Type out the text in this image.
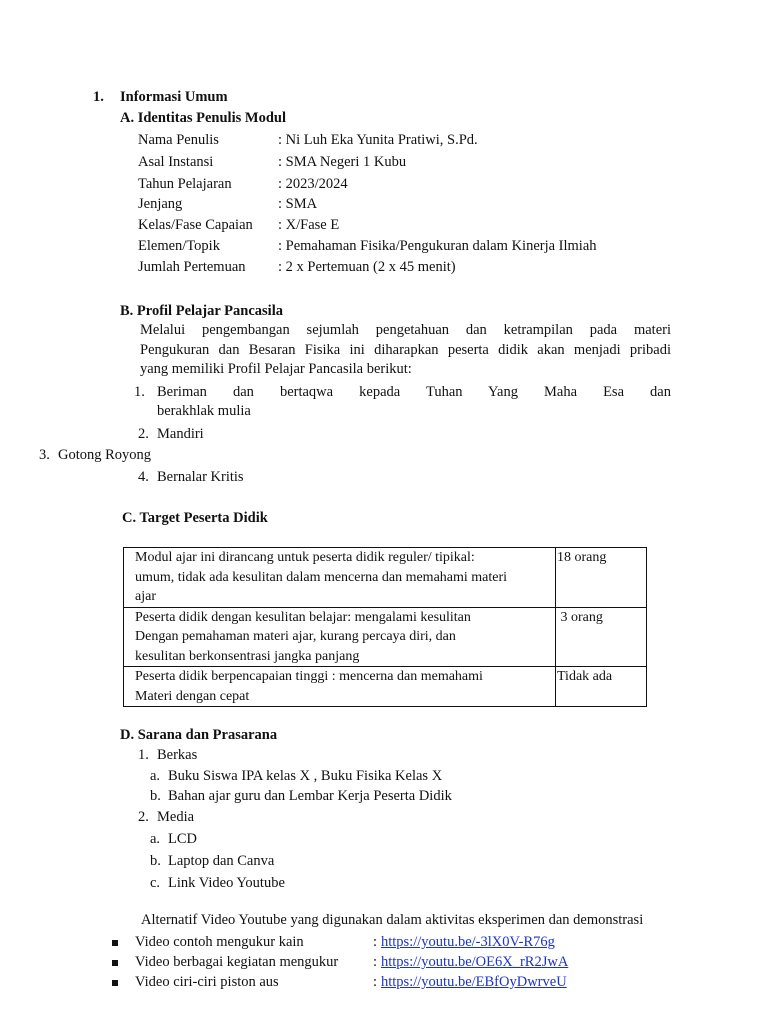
1. Informasi Umum
A. Identitas Penulis Modul
Nama Penulis	: Ni Luh Eka Yunita Pratiwi, S.Pd.
Asal Instansi	: SMA Negeri 1 Kubu
Tahun Pelajaran	: 2023/2024
Jenjang	: SMA
Kelas/Fase Capaian : X/Fase E
Elemen/Topik	: Pemahaman Fisika/Pengukuran dalam Kinerja Ilmiah
Jumlah Pertemuan : 2 x Pertemuan (2 x 45 menit)
B. Profil Pelajar Pancasila
Melalui pengembangan sejumlah pengetahuan dan ketrampilan pada materi
Pengukuran dan Besaran Fisika ini diharapkan peserta didik akan menjadi pribadi
yang memiliki Profil Pelajar Pancasila berikut:
1. Beriman dan bertaqwa kepada Tuhan Yang Maha Esa dan
berakhlak mulia
2. Mandiri
3. Gotong Royong
4. Bernalar Kritis
C. Target Peserta Didik
Modul ajar ini dirancang untuk peserta didik reguler/ tipikal:
umum, tidak ada kesulitan dalam mencerna dan memahami materi
ajar	18 orang

Peserta didik dengan kesulitan belajar: mengalami kesulitan
Dengan pemahaman materi ajar, kurang percaya diri, dan
kesulitan berkonsentrasi jangka panjang	3 orang

Peserta didik berpencapaian tinggi : mencerna dan memahami
Materi dengan cepat	Tidak ada
D. Sarana dan Prasarana
1. Berkas
a. Buku Siswa IPA kelas X , Buku Fisika Kelas X
b. Bahan ajar guru dan Lembar Kerja Peserta Didik
2. Media
a. LCD
b. Laptop dan Canva
c. Link Video Youtube
Alternatif Video Youtube yang digunakan dalam aktivitas eksperimen dan demonstrasi
Video contoh mengukur kain	: https://youtu.be/-3lX0V-R76g
Video berbagai kegiatan mengukur : https://youtu.be/OE6X_rR2JwA
Video ciri-ciri piston aus	: https://youtu.be/EBfOyDwrveU
